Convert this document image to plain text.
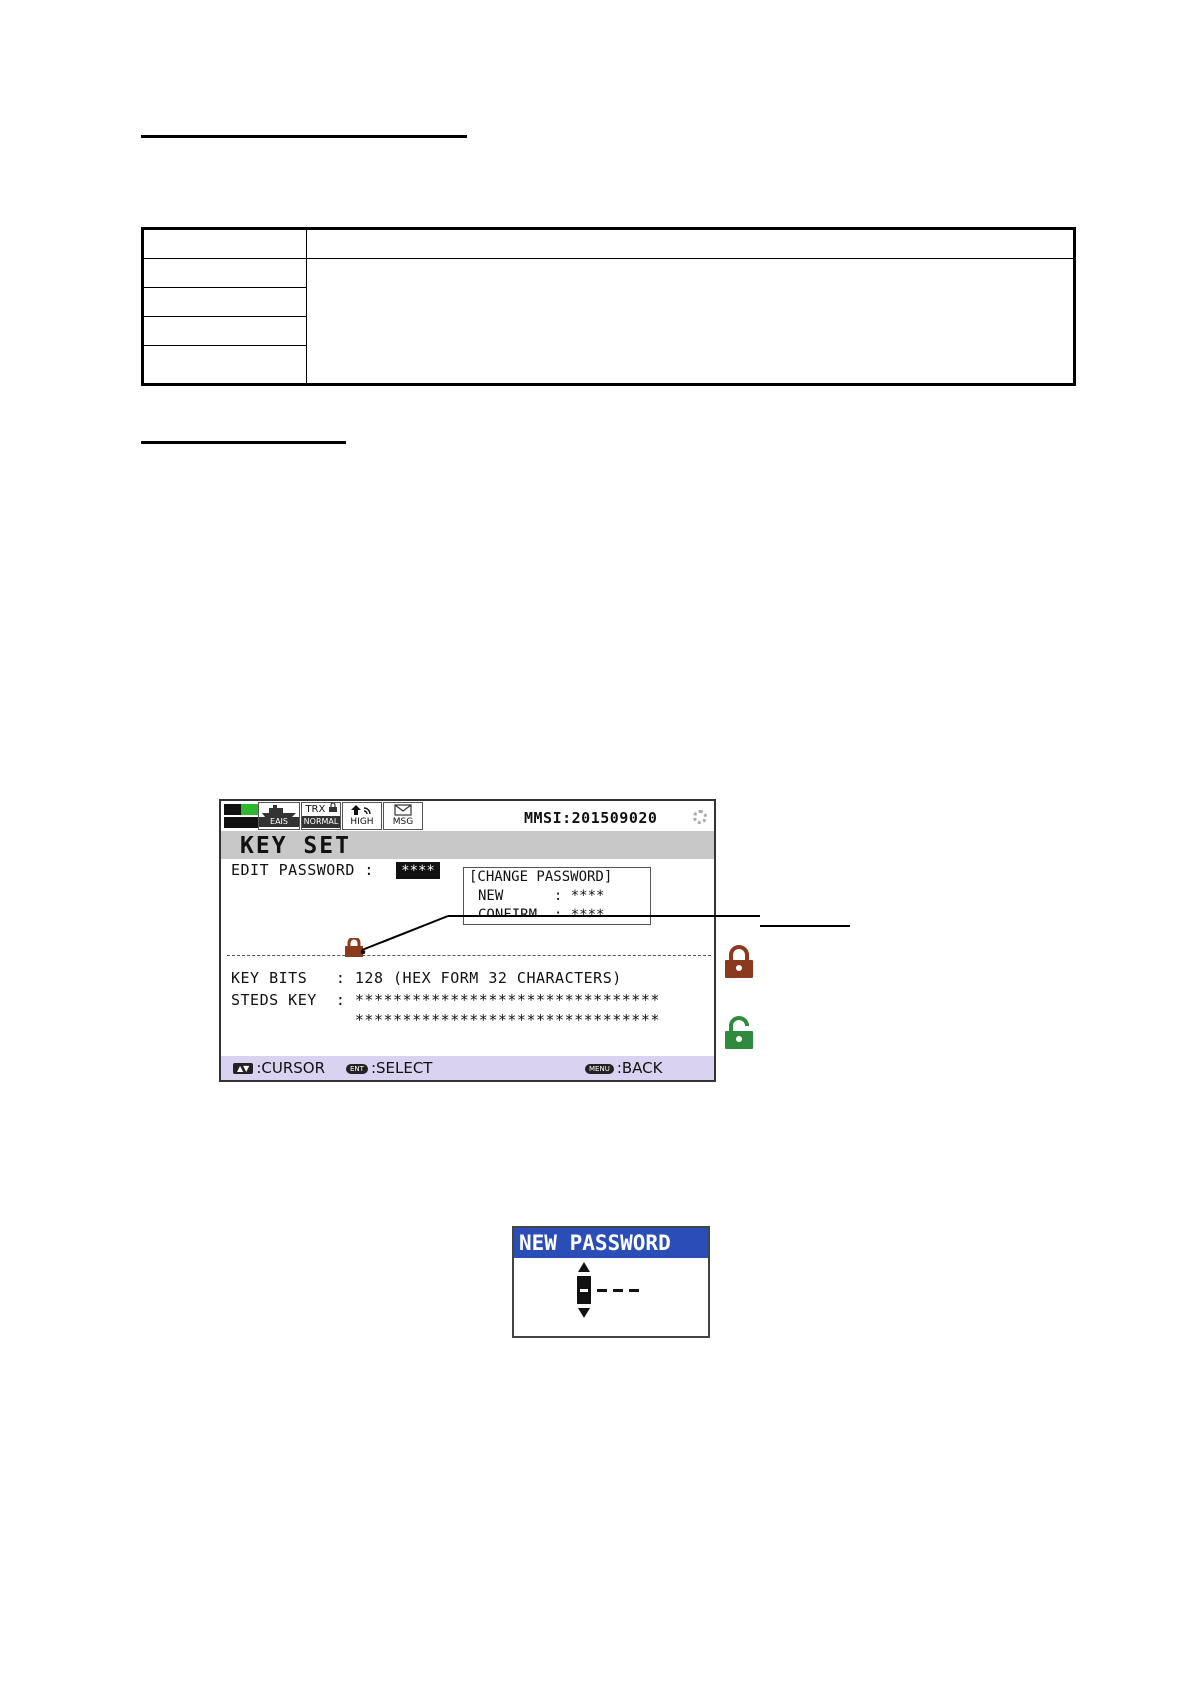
EAIS
TRX
NORMAL	HIGH	MSG	MMSI:201509020
KEY SET
EDIT PASSWORD :	****	[CHANGE PASSWORD]
NEW      : ****
KEY BITS   : 128 (HEX FORM 32 CHARACTERS)
STEDS KEY  : ********************************
********************************
▲▼ :CURSOR	ENT :SELECT	MENU :BACK
NEW PASSWORD
